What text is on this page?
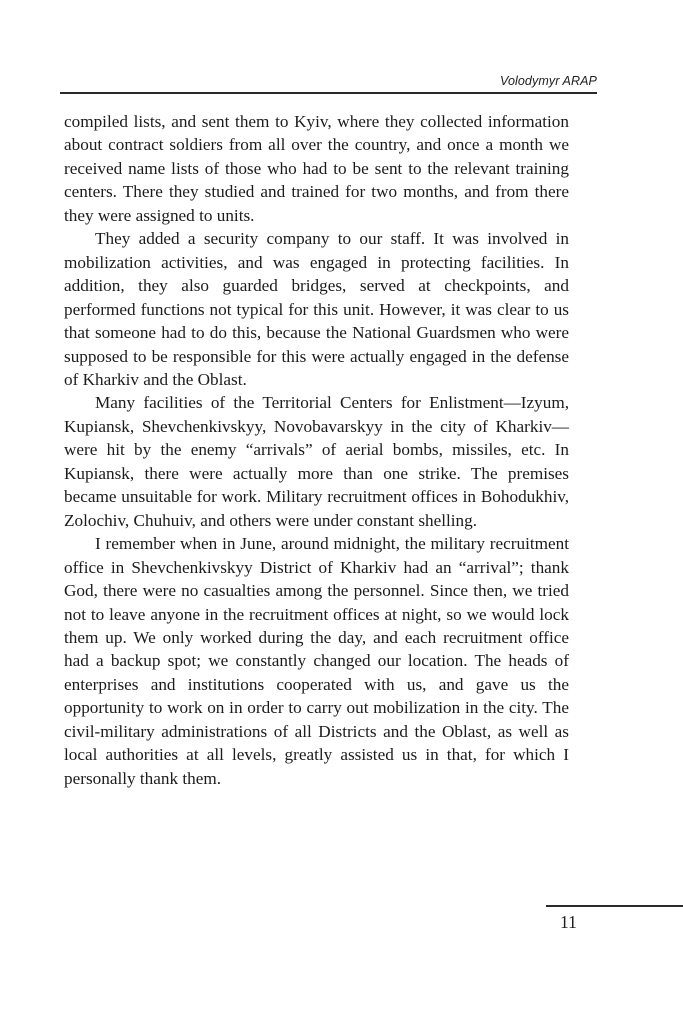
Volodymyr ARAP

compiled lists, and sent them to Kyiv, where they collected information about contract soldiers from all over the country, and once a month we received name lists of those who had to be sent to the relevant training centers. There they studied and trained for two months, and from there they were assigned to units.

They added a security company to our staff. It was involved in mobilization activities, and was engaged in protecting facilities. In addition, they also guarded bridges, served at checkpoints, and performed functions not typical for this unit. However, it was clear to us that someone had to do this, because the National Guardsmen who were supposed to be responsible for this were actually engaged in the defense of Kharkiv and the Oblast.

Many facilities of the Territorial Centers for Enlistment—Izyum, Kupiansk, Shevchenkivskyy, Novobavarskyy in the city of Kharkiv—were hit by the enemy “arrivals” of aerial bombs, missiles, etc. In Kupiansk, there were actually more than one strike. The premises became unsuitable for work. Military recruitment offices in Bohodukhiv, Zolochiv, Chuhuiv, and others were under constant shelling.

I remember when in June, around midnight, the military recruitment office in Shevchenkivskyy District of Kharkiv had an “arrival”; thank God, there were no casualties among the personnel. Since then, we tried not to leave anyone in the recruitment offices at night, so we would lock them up. We only worked during the day, and each recruitment office had a backup spot; we constantly changed our location. The heads of enterprises and institutions cooperated with us, and gave us the opportunity to work on in order to carry out mobilization in the city. The civil-military administrations of all Districts and the Oblast, as well as local authorities at all levels, greatly assisted us in that, for which I personally thank them.

11
